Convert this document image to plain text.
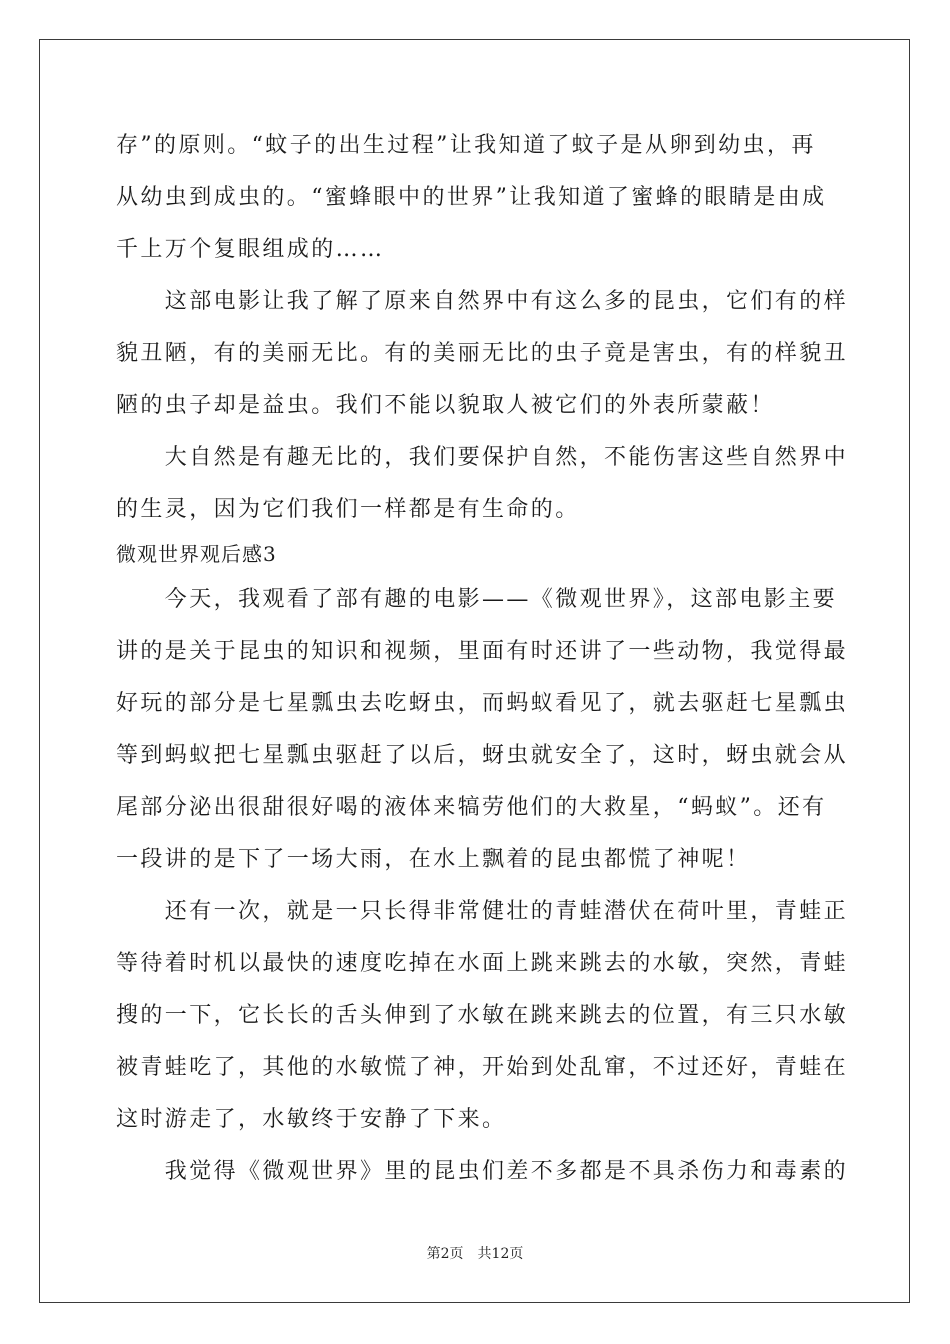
存”的原则。“蚊子的出生过程”让我知道了蚊子是从卵到幼虫，再
从幼虫到成虫的。“蜜蜂眼中的世界”让我知道了蜜蜂的眼睛是由成
千上万个复眼组成的……
　　这部电影让我了解了原来自然界中有这么多的昆虫，它们有的样
貌丑陋，有的美丽无比。有的美丽无比的虫子竟是害虫，有的样貌丑
陋的虫子却是益虫。我们不能以貌取人被它们的外表所蒙蔽！
　　大自然是有趣无比的，我们要保护自然，不能伤害这些自然界中
的生灵，因为它们我们一样都是有生命的。
微观世界观后感3
　　今天，我观看了部有趣的电影——《微观世界》，这部电影主要
讲的是关于昆虫的知识和视频，里面有时还讲了一些动物，我觉得最
好玩的部分是七星瓢虫去吃蚜虫，而蚂蚁看见了，就去驱赶七星瓢虫
等到蚂蚁把七星瓢虫驱赶了以后，蚜虫就安全了，这时，蚜虫就会从
尾部分泌出很甜很好喝的液体来犒劳他们的大救星，“蚂蚁”。还有
一段讲的是下了一场大雨，在水上飘着的昆虫都慌了神呢！
　　还有一次，就是一只长得非常健壮的青蛙潜伏在荷叶里，青蛙正
等待着时机以最快的速度吃掉在水面上跳来跳去的水敏，突然，青蛙
搜的一下，它长长的舌头伸到了水敏在跳来跳去的位置，有三只水敏
被青蛙吃了，其他的水敏慌了神，开始到处乱窜，不过还好，青蛙在
这时游走了，水敏终于安静了下来。
　　我觉得《微观世界》里的昆虫们差不多都是不具杀伤力和毒素的
第2页　共12页
